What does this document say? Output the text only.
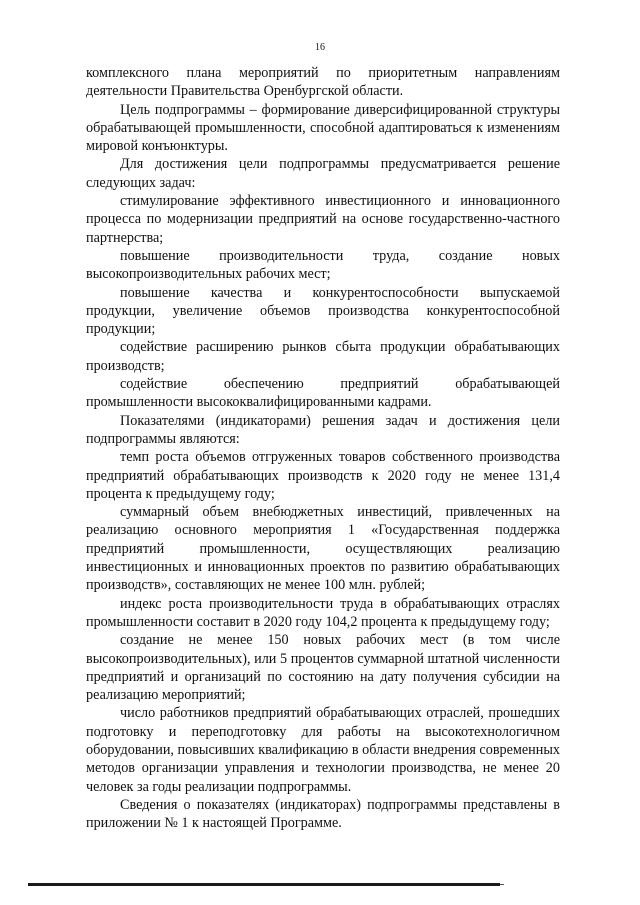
16

комплексного плана мероприятий по приоритетным направлениям деятельности Правительства Оренбургской области.

Цель подпрограммы – формирование диверсифицированной структуры обрабатывающей промышленности, способной адаптироваться к изменениям мировой конъюнктуры.

Для достижения цели подпрограммы предусматривается решение следующих задач:

стимулирование эффективного инвестиционного и инновационного процесса по модернизации предприятий на основе государственно-частного партнерства;

повышение производительности труда, создание новых высокопроизводительных рабочих мест;

повышение качества и конкурентоспособности выпускаемой продукции, увеличение объемов производства конкурентоспособной продукции;

содействие расширению рынков сбыта продукции обрабатывающих производств;

содействие обеспечению предприятий обрабатывающей промышленности высококвалифицированными кадрами.

Показателями (индикаторами) решения задач и достижения цели подпрограммы являются:

темп роста объемов отгруженных товаров собственного производства предприятий обрабатывающих производств к 2020 году не менее 131,4 процента к предыдущему году;

суммарный объем внебюджетных инвестиций, привлеченных на реализацию основного мероприятия 1 «Государственная поддержка предприятий промышленности, осуществляющих реализацию инвестиционных и инновационных проектов по развитию обрабатывающих производств», составляющих не менее 100 млн. рублей;

индекс роста производительности труда в обрабатывающих отраслях промышленности составит в 2020 году 104,2 процента к предыдущему году;

создание не менее 150 новых рабочих мест (в том числе высокопроизводительных), или 5 процентов суммарной штатной численности предприятий и организаций по состоянию на дату получения субсидии на реализацию мероприятий;

число работников предприятий обрабатывающих отраслей, прошедших подготовку и переподготовку для работы на высокотехнологичном оборудовании, повысивших квалификацию в области внедрения современных методов организации управления и технологии производства, не менее 20 человек за годы реализации подпрограммы.

Сведения о показателях (индикаторах) подпрограммы представлены в приложении № 1 к настоящей Программе.
